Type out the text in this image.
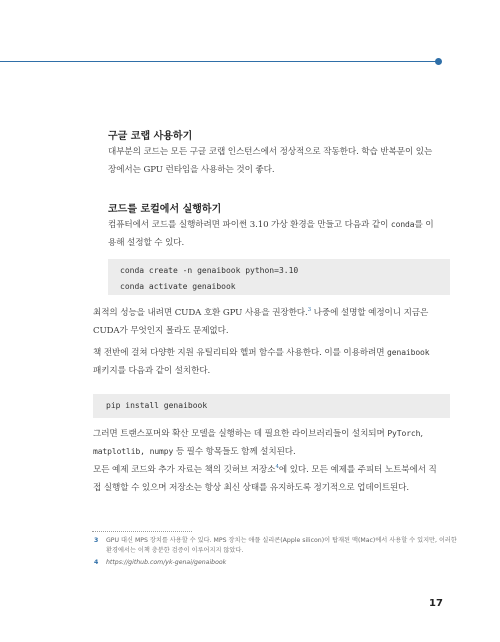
구글 코랩 사용하기
대부분의 코드는 모든 구글 코랩 인스턴스에서 정상적으로 작동한다. 학습 반복문이 있는
장에서는 GPU 런타임을 사용하는 것이 좋다.
코드를 로컬에서 실행하기
컴퓨터에서 코드를 실행하려면 파이썬 3.10 가상 환경을 만들고 다음과 같이 conda를 이
용해 설정할 수 있다.
conda create -n genaibook python=3.10
conda activate genaibook
최적의 성능을 내려면 CUDA 호환 GPU 사용을 권장한다.$^3$ 나중에 설명할 예정이니 지금은
CUDA가 무엇인지 몰라도 문제없다.
책 전반에 걸쳐 다양한 지원 유틸리티와 헬퍼 함수를 사용한다. 이를 이용하려면 genaibook
패키지를 다음과 같이 설치한다.
pip install genaibook
그러면 트랜스포머와 확산 모델을 실행하는 데 필요한 라이브러리들이 설치되며 PyTorch,
matplotlib, numpy 등 필수 항목들도 함께 설치된다.
모든 예제 코드와 추가 자료는 책의 깃허브 저장소$^4$에 있다. 모든 예제를 주피터 노트북에서 직
접 실행할 수 있으며 저장소는 항상 최신 상태를 유지하도록 정기적으로 업데이트된다.
3 GPU 대신 MPS 장치를 사용할 수 있다. MPS 장치는 애플 실리콘(Apple silicon)이 탑재된 맥(Mac)에서 사용할 수 있지만, 이러한
환경에서는 이책 충분한 검증이 이루어지지 않았다.
4 https://github.com/yk-genai/genaibook
17
